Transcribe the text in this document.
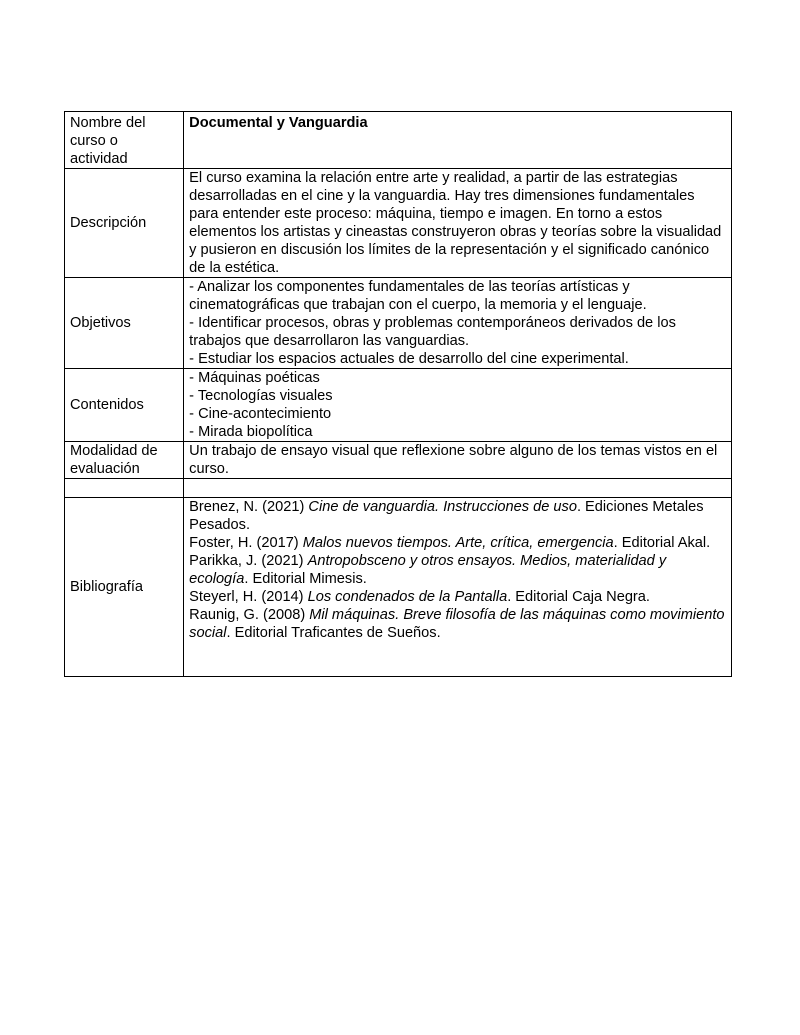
Nombre del curso o actividad	Documental y Vanguardia
Descripción	El curso examina la relación entre arte y realidad, a partir de las estrategias desarrolladas en el cine y la vanguardia. Hay tres dimensiones fundamentales para entender este proceso: máquina, tiempo e imagen. En torno a estos elementos los artistas y cineastas construyeron obras y teorías sobre la visualidad y pusieron en discusión los límites de la representación y el significado canónico de la estética.
Objetivos	- Analizar los componentes fundamentales de las teorías artísticas y cinematográficas que trabajan con el cuerpo, la memoria y el lenguaje.
- Identificar procesos, obras y problemas contemporáneos derivados de los trabajos que desarrollaron las vanguardias.
- Estudiar los espacios actuales de desarrollo del cine experimental.

Contenidos	- Máquinas poéticas
- Tecnologías visuales
- Cine-acontecimiento
- Mirada biopolítica

Modalidad de evaluación	Un trabajo de ensayo visual que reflexione sobre alguno de los temas vistos en el curso.

Bibliografía	Brenez, N. (2021) Cine de vanguardia. Instrucciones de uso. Ediciones Metales Pesados.
Foster, H. (2017) Malos nuevos tiempos. Arte, crítica, emergencia. Editorial Akal.
Parikka, J. (2021) Antropobsceno y otros ensayos. Medios, materialidad y ecología. Editorial Mimesis.
Steyerl, H. (2014) Los condenados de la Pantalla. Editorial Caja Negra.
Raunig, G. (2008) Mil máquinas. Breve filosofía de las máquinas como movimiento social. Editorial Traficantes de Sueños.
